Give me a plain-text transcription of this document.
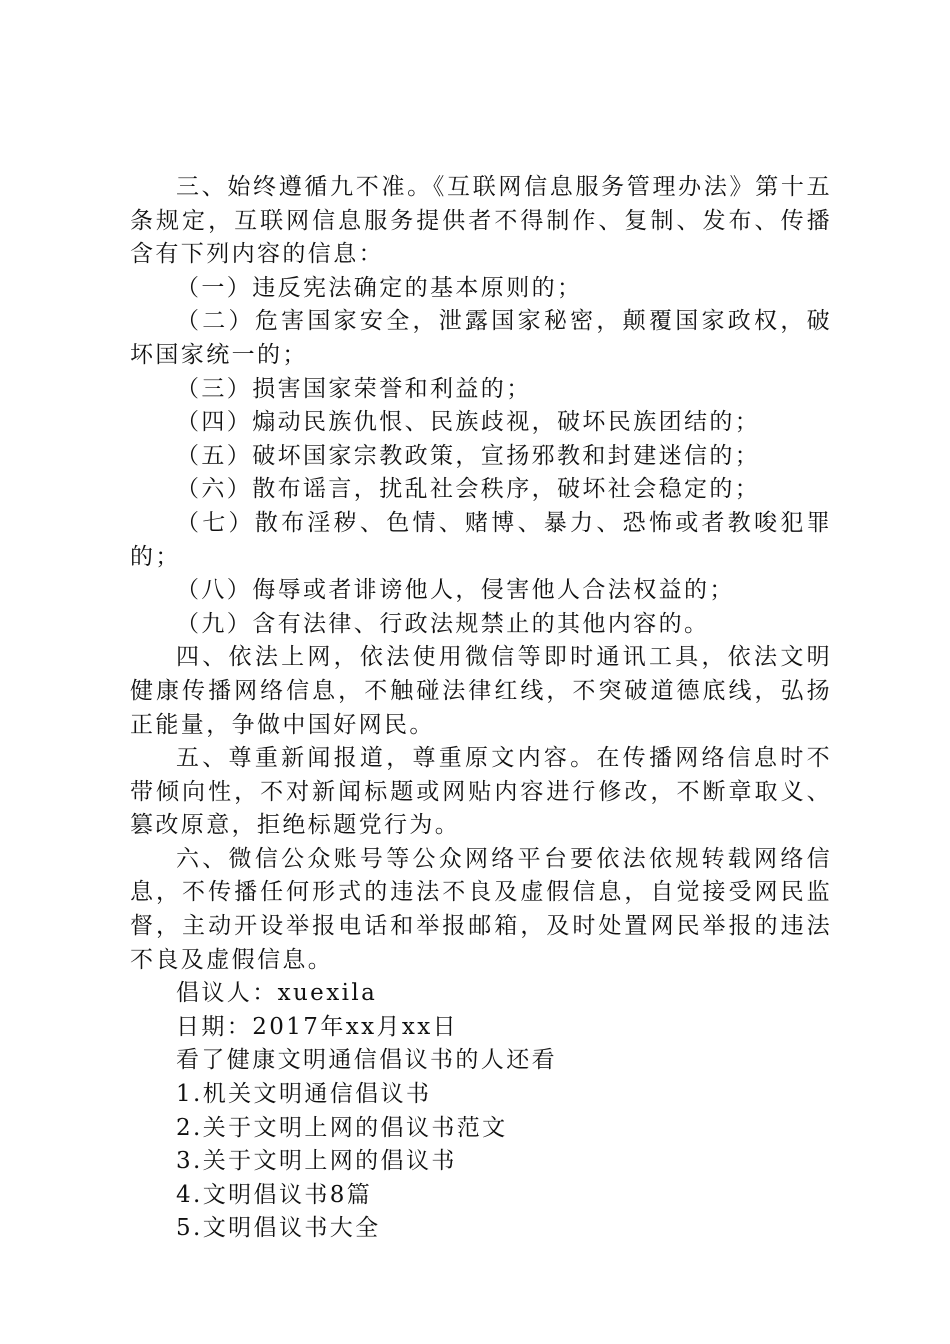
三、始终遵循九不准。《互联网信息服务管理办法》第十五条规定，互联网信息服务提供者不得制作、复制、发布、传播含有下列内容的信息：

（一）违反宪法确定的基本原则的；

（二）危害国家安全，泄露国家秘密，颠覆国家政权，破坏国家统一的；

（三）损害国家荣誉和利益的；

（四）煽动民族仇恨、民族歧视，破坏民族团结的；

（五）破坏国家宗教政策，宣扬邪教和封建迷信的；

（六）散布谣言，扰乱社会秩序，破坏社会稳定的；

（七）散布淫秽、色情、赌博、暴力、恐怖或者教唆犯罪的；

（八）侮辱或者诽谤他人，侵害他人合法权益的；

（九）含有法律、行政法规禁止的其他内容的。

四、依法上网，依法使用微信等即时通讯工具，依法文明健康传播网络信息，不触碰法律红线，不突破道德底线，弘扬正能量，争做中国好网民。

五、尊重新闻报道，尊重原文内容。在传播网络信息时不带倾向性，不对新闻标题或网贴内容进行修改，不断章取义、篡改原意，拒绝标题党行为。

六、微信公众账号等公众网络平台要依法依规转载网络信息，不传播任何形式的违法不良及虚假信息，自觉接受网民监督，主动开设举报电话和举报邮箱，及时处置网民举报的违法不良及虚假信息。

倡议人：xuexila

日期：2017年xx月xx日

看了健康文明通信倡议书的人还看

1.机关文明通信倡议书

2.关于文明上网的倡议书范文

3.关于文明上网的倡议书

4.文明倡议书8篇

5.文明倡议书大全
